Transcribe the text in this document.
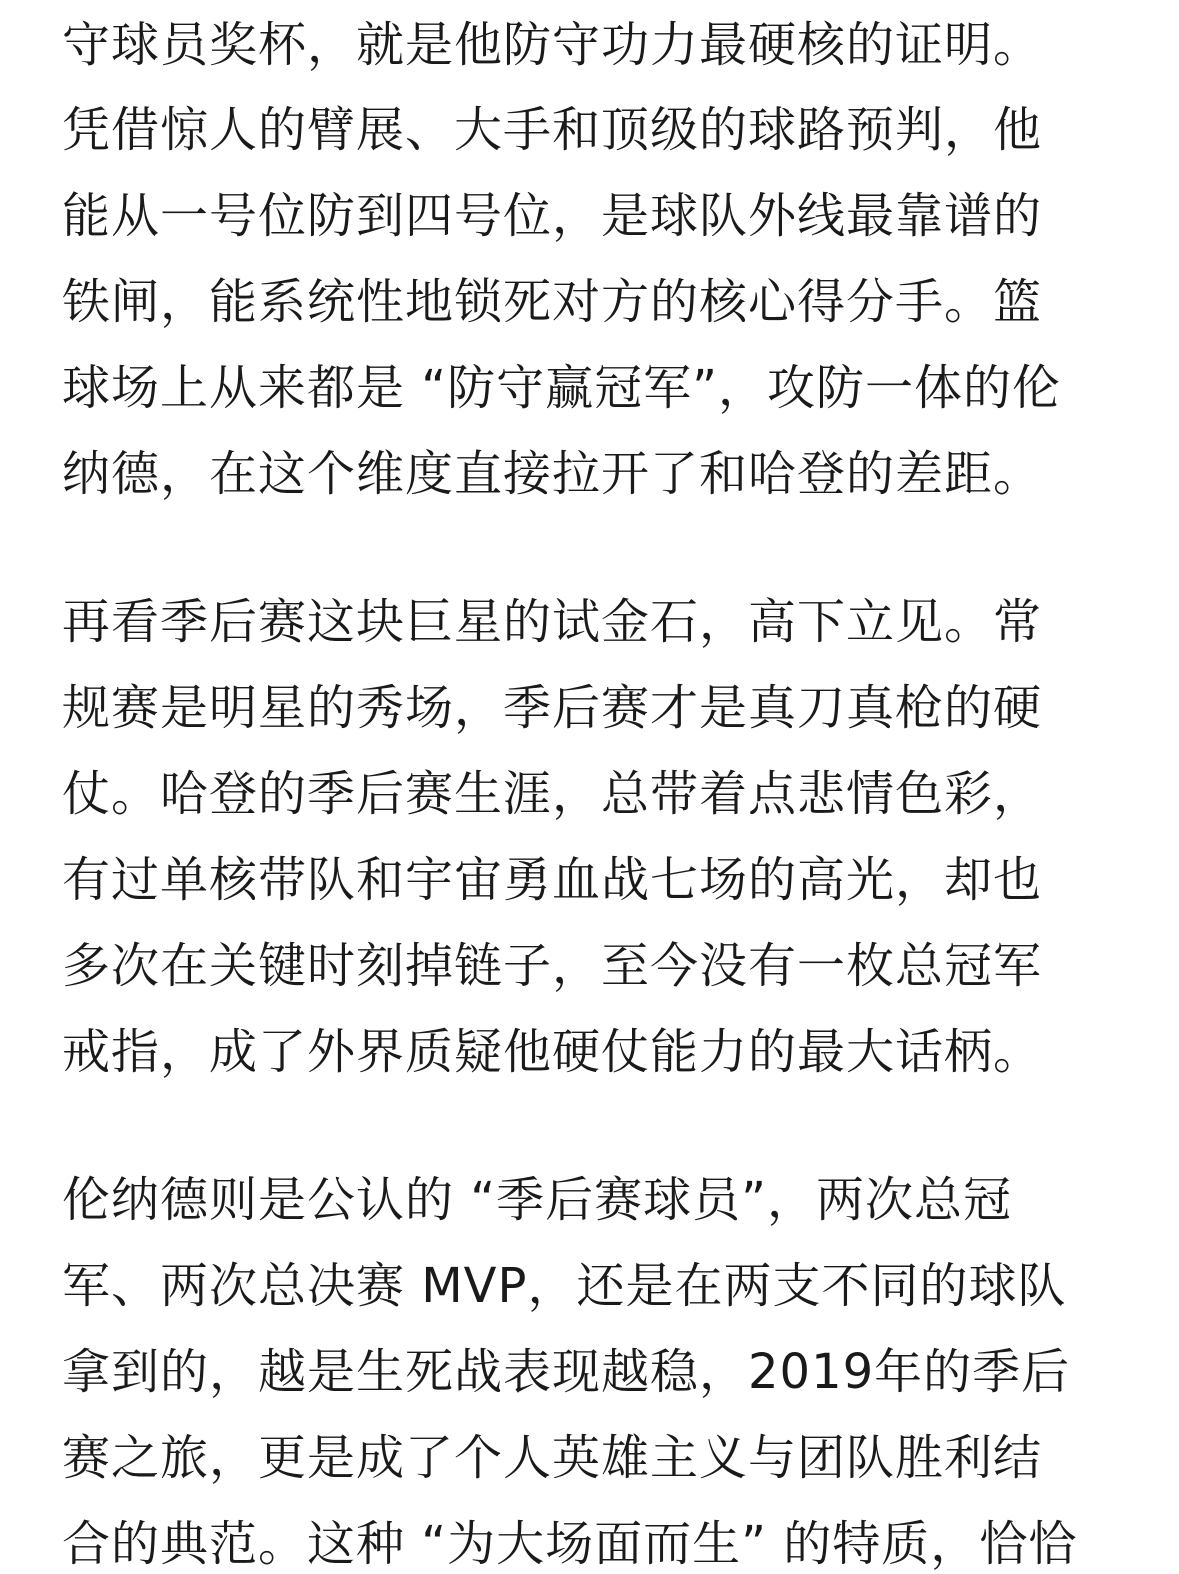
守球员奖杯，就是他防守功力最硬核的证明。
凭借惊人的臂展、大手和顶级的球路预判，他
能从一号位防到四号位，是球队外线最靠谱的
铁闸，能系统性地锁死对方的核心得分手。篮
球场上从来都是 “防守赢冠军”，攻防一体的伦
纳德，在这个维度直接拉开了和哈登的差距。
再看季后赛这块巨星的试金石，高下立见。常
规赛是明星的秀场，季后赛才是真刀真枪的硬
仗。哈登的季后赛生涯，总带着点悲情色彩，
有过单核带队和宇宙勇血战七场的高光，却也
多次在关键时刻掉链子，至今没有一枚总冠军
戒指，成了外界质疑他硬仗能力的最大话柄。
伦纳德则是公认的 “季后赛球员”，两次总冠
军、两次总决赛 MVP，还是在两支不同的球队
拿到的，越是生死战表现越稳，2019年的季后
赛之旅，更是成了个人英雄主义与团队胜利结
合的典范。这种 “为大场面而生” 的特质，恰恰
